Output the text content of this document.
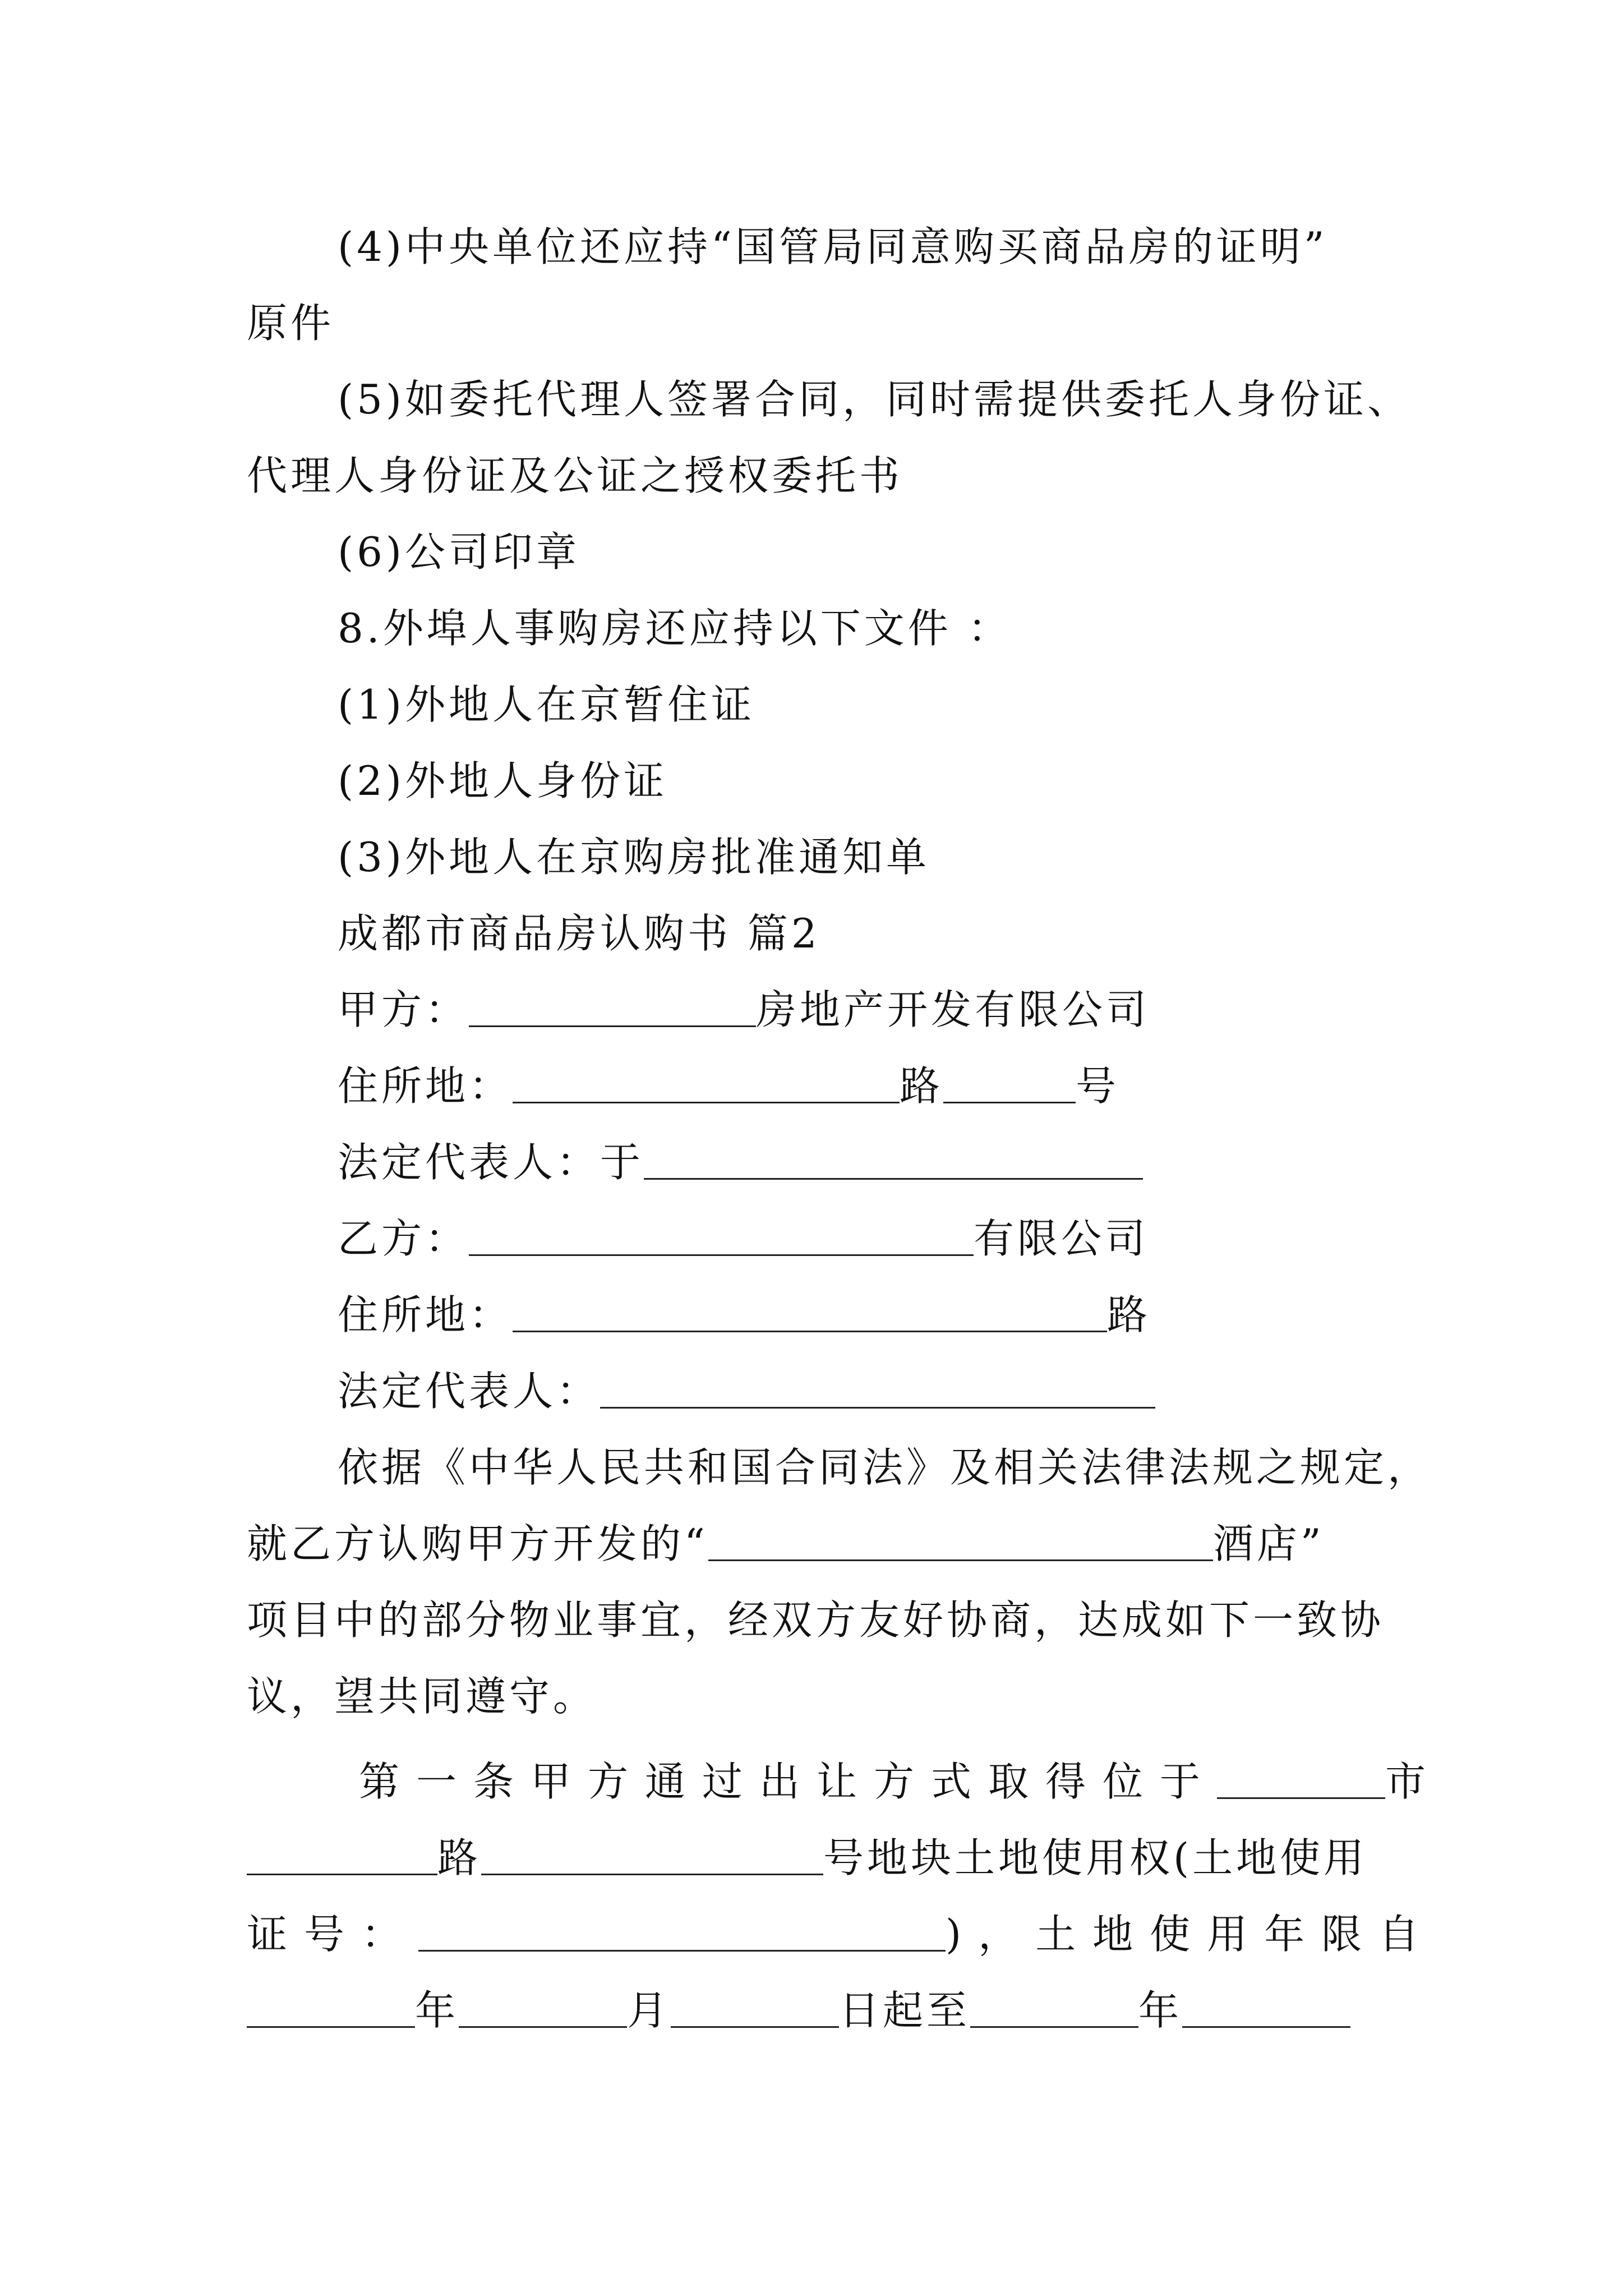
(4)中央单位还应持“国管局同意购买商品房的证明”
原件
(5)如委托代理人签署合同，同时需提供委托人身份证、
代理人身份证及公证之授权委托书
(6)公司印章
8.外埠人事购房还应持以下文件 ：
(1)外地人在京暂住证
(2)外地人身份证
(3)外地人在京购房批准通知单
成都市商品房认购书 篇2
甲方：	房地产开发有限公司
住所地：	路	号
法定代表人：于
乙方：	有限公司
住所地：	路
法定代表人：
依据《中华人民共和国合同法》及相关法律法规之规定，
就乙方认购甲方开发的“	酒店”
项目中的部分物业事宜，经双方友好协商，达成如下一致协
议，望共同遵守。
第一条甲方通过出让方式取得位于	市
路	号地块土地使用权(土地使用
证号：	)，土地使用年限自
年	月	日起至	年
